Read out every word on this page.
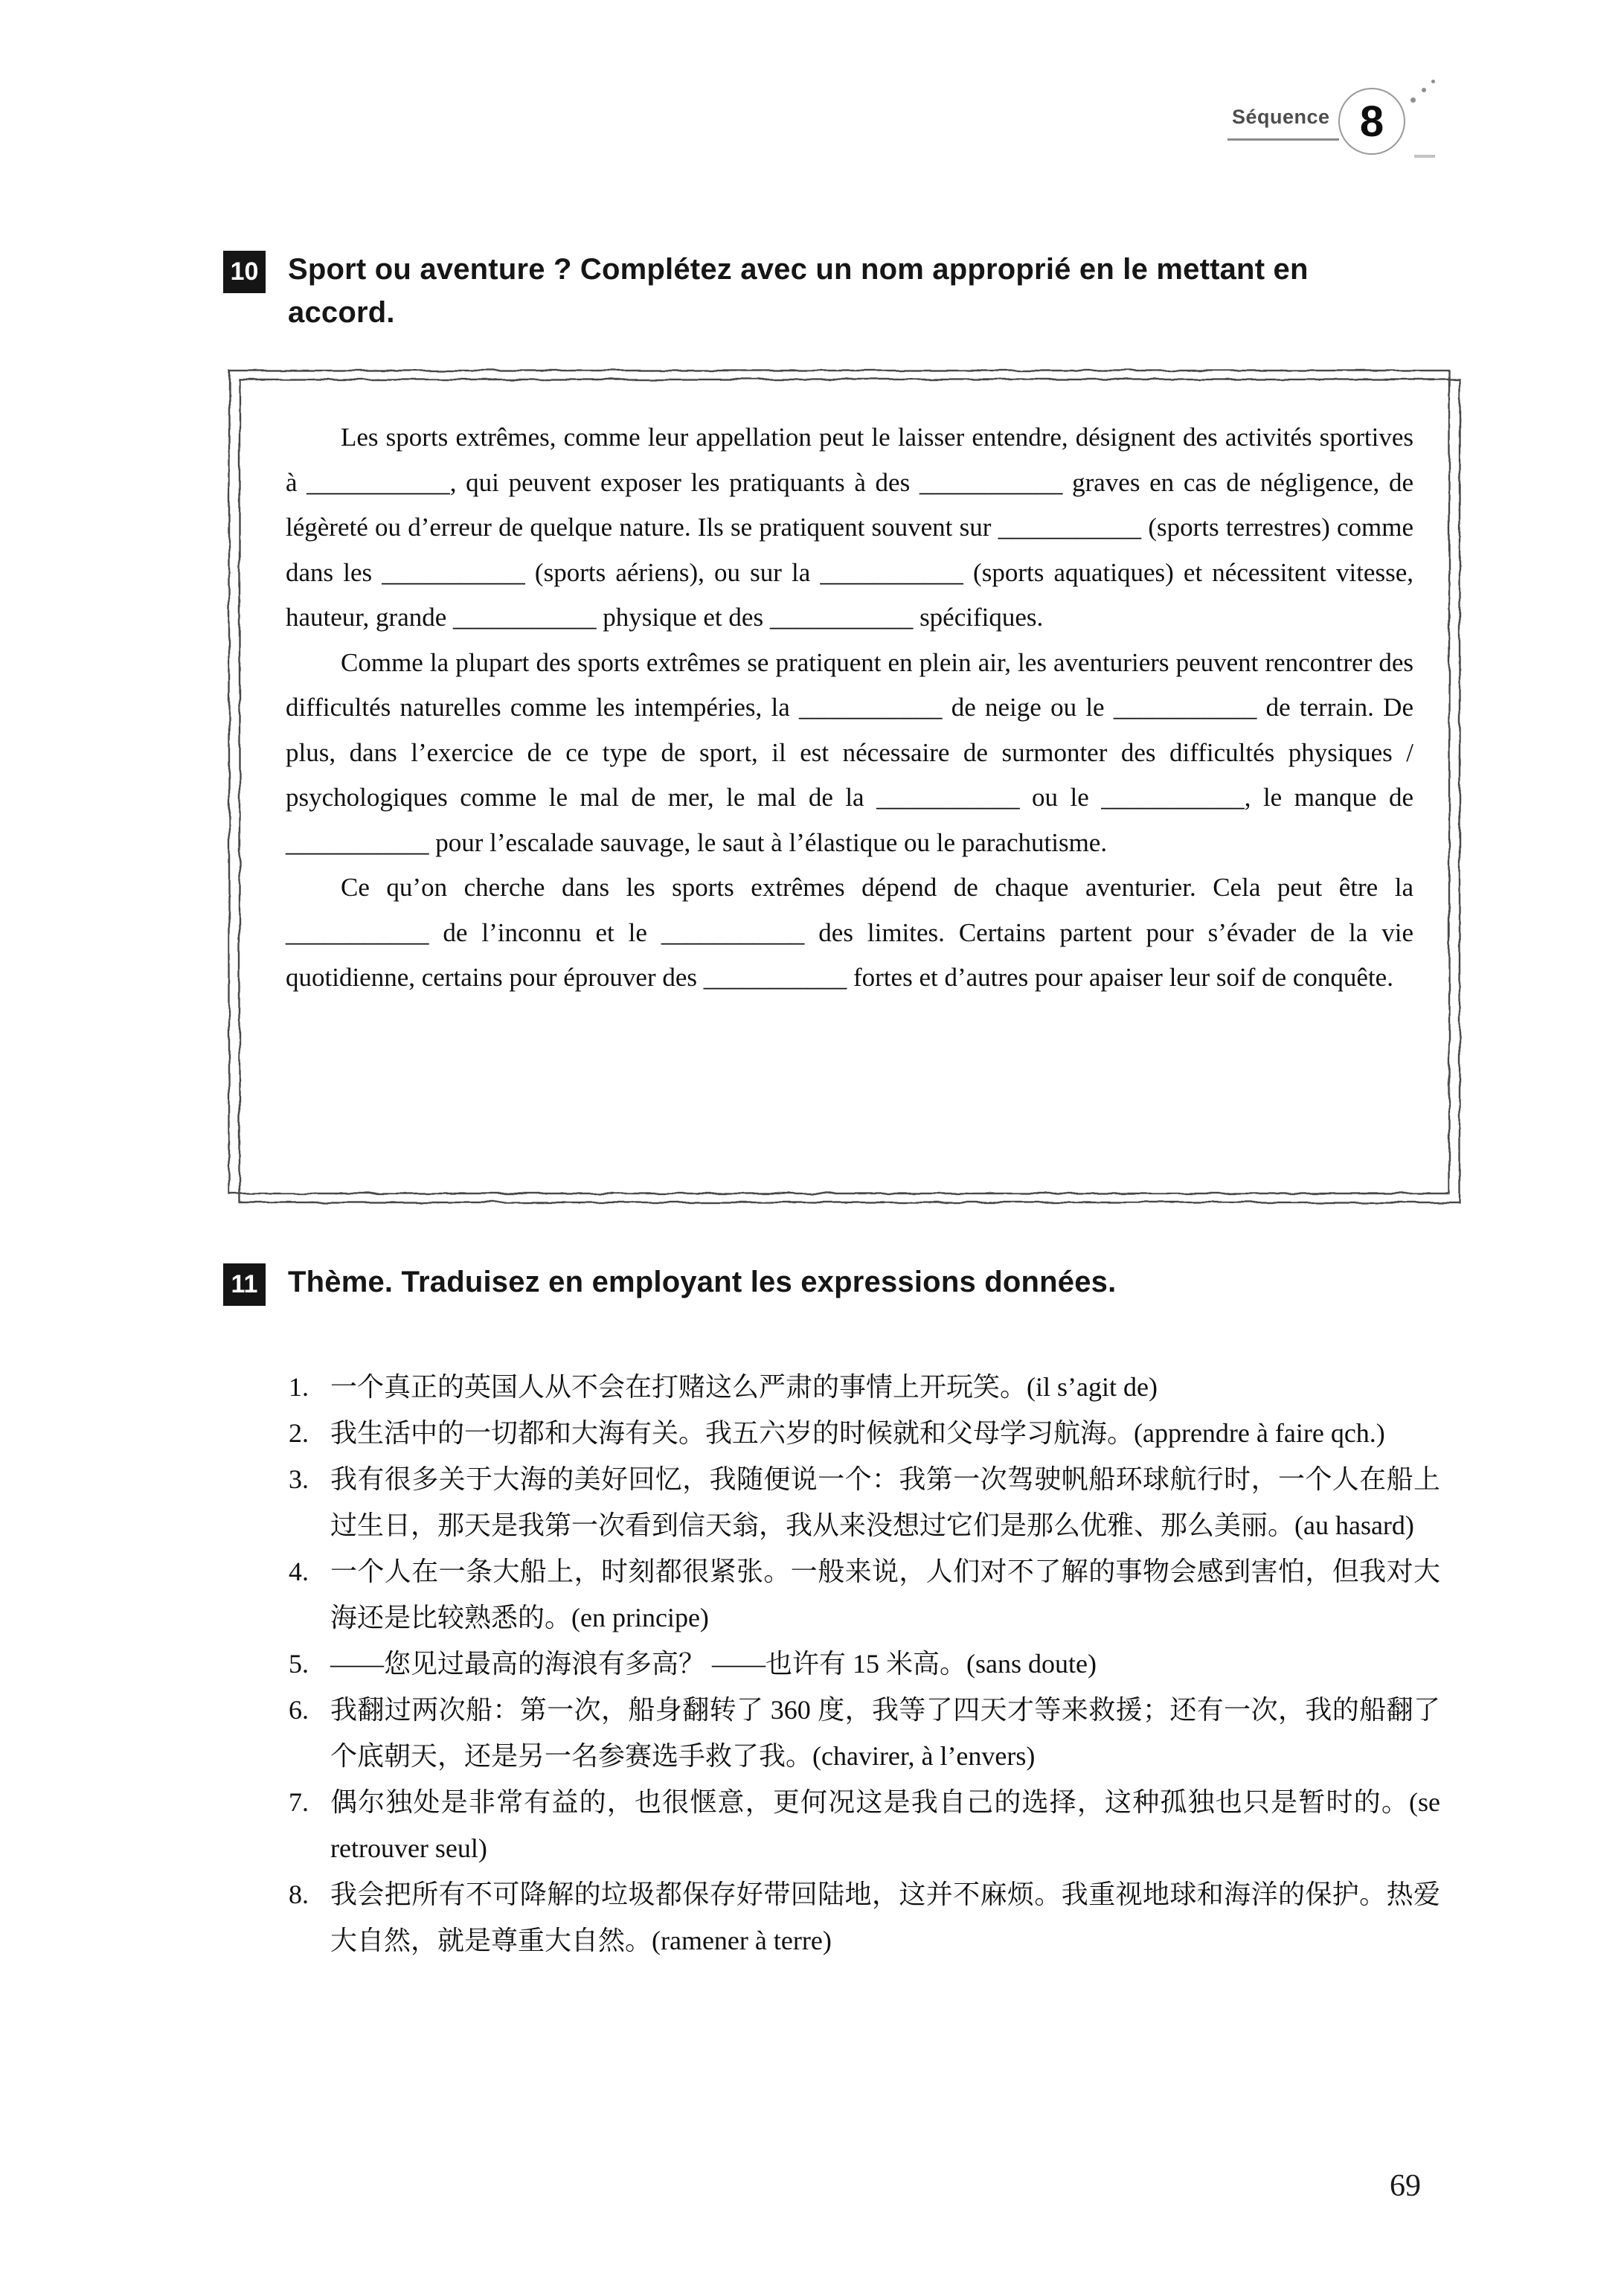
Séquence 8
10 Sport ou aventure ? Complétez avec un nom approprié en le mettant en accord.

Les sports extrêmes, comme leur appellation peut le laisser entendre, désignent des activités sportives à ___________, qui peuvent exposer les pratiquants à des ___________ graves en cas de négligence, de légèreté ou d’erreur de quelque nature. Ils se pratiquent souvent sur ___________ (sports terrestres) comme dans les ___________ (sports aériens), ou sur la ___________ (sports aquatiques) et nécessitent vitesse, hauteur, grande ___________ physique et des ___________ spécifiques.

Comme la plupart des sports extrêmes se pratiquent en plein air, les aventuriers peuvent rencontrer des difficultés naturelles comme les intempéries, la ___________ de neige ou le ___________ de terrain. De plus, dans l’exercice de ce type de sport, il est nécessaire de surmonter des difficultés physiques / psychologiques comme le mal de mer, le mal de la ___________ ou le ___________, le manque de ___________ pour l’escalade sauvage, le saut à l’élastique ou le parachutisme.

Ce qu’on cherche dans les sports extrêmes dépend de chaque aventurier. Cela peut être la ___________ de l’inconnu et le ___________ des limites. Certains partent pour s’évader de la vie quotidienne, certains pour éprouver des ___________ fortes et d’autres pour apaiser leur soif de conquête.

11 Thème. Traduisez en employant les expressions données.
1. 一个真正的英国人从不会在打赌这么严肃的事情上开玩笑。(il s’agit de)
2. 我生活中的一切都和大海有关。我五六岁的时候就和父母学习航海。(apprendre à faire qch.)
3. 我有很多关于大海的美好回忆，我随便说一个：我第一次驾驶帆船环球航行时，一个人在船上过生日，那天是我第一次看到信天翁，我从来没想过它们是那么优雅、那么美丽。(au hasard)
4. 一个人在一条大船上，时刻都很紧张。一般来说，人们对不了解的事物会感到害怕，但我对大海还是比较熟悉的。(en principe)
5. ——您见过最高的海浪有多高？ ——也许有 15 米高。(sans doute)
6. 我翻过两次船：第一次，船身翻转了 360 度，我等了四天才等来救援；还有一次，我的船翻了个底朝天，还是另一名参赛选手救了我。(chavirer, à l’envers)
7. 偶尔独处是非常有益的，也很惬意，更何况这是我自己的选择，这种孤独也只是暂时的。(se retrouver seul)
8. 我会把所有不可降解的垃圾都保存好带回陆地，这并不麻烦。我重视地球和海洋的保护。热爱大自然，就是尊重大自然。(ramener à terre)
69
